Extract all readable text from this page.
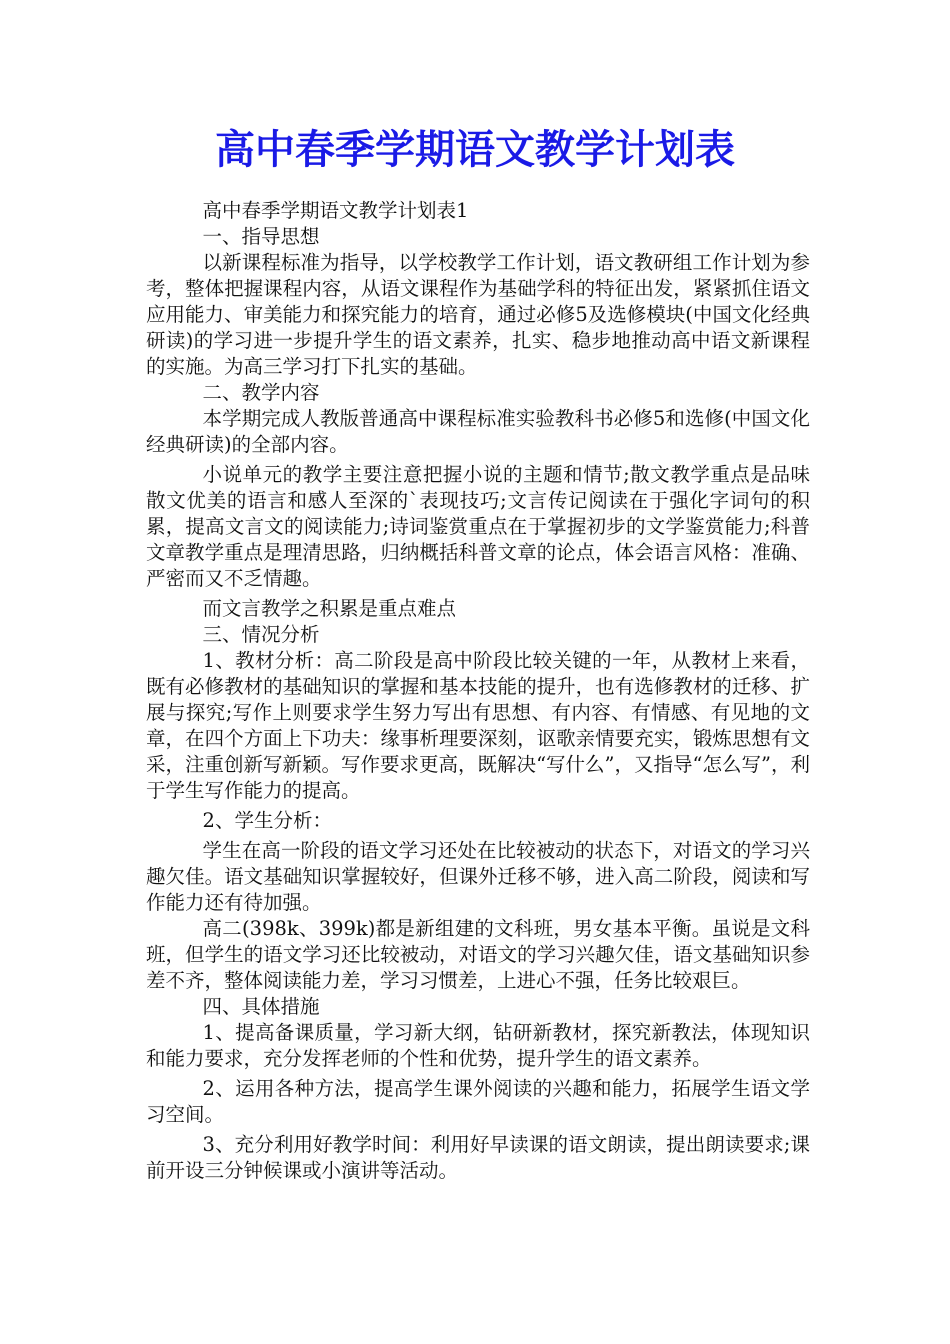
高中春季学期语文教学计划表

高中春季学期语文教学计划表1

一、指导思想

以新课程标准为指导，以学校教学工作计划，语文教研组工作计划为参考，整体把握课程内容，从语文课程作为基础学科的特征出发，紧紧抓住语文应用能力、审美能力和探究能力的培育，通过必修5及选修模块(中国文化经典研读)的学习进一步提升学生的语文素养，扎实、稳步地推动高中语文新课程的实施。为高三学习打下扎实的基础。

二、教学内容

本学期完成人教版普通高中课程标准实验教科书必修5和选修(中国文化经典研读)的全部内容。

小说单元的教学主要注意把握小说的主题和情节;散文教学重点是品味散文优美的语言和感人至深的`表现技巧;文言传记阅读在于强化字词句的积累，提高文言文的阅读能力;诗词鉴赏重点在于掌握初步的文学鉴赏能力;科普文章教学重点是理清思路，归纳概括科普文章的论点，体会语言风格：准确、严密而又不乏情趣。

而文言教学之积累是重点难点

三、情况分析

1、教材分析：高二阶段是高中阶段比较关键的一年，从教材上来看，既有必修教材的基础知识的掌握和基本技能的提升，也有选修教材的迁移、扩展与探究;写作上则要求学生努力写出有思想、有内容、有情感、有见地的文章，在四个方面上下功夫：缘事析理要深刻，讴歌亲情要充实，锻炼思想有文采，注重创新写新颖。写作要求更高，既解决“写什么”，又指导“怎么写”，利于学生写作能力的提高。

2、学生分析：

学生在高一阶段的语文学习还处在比较被动的状态下，对语文的学习兴趣欠佳。语文基础知识掌握较好，但课外迁移不够，进入高二阶段，阅读和写作能力还有待加强。

高二(398k、399k)都是新组建的文科班，男女基本平衡。虽说是文科班，但学生的语文学习还比较被动，对语文的学习兴趣欠佳，语文基础知识参差不齐，整体阅读能力差，学习习惯差，上进心不强，任务比较艰巨。

四、具体措施

1、提高备课质量，学习新大纲，钻研新教材，探究新教法，体现知识和能力要求，充分发挥老师的个性和优势，提升学生的语文素养。

2、运用各种方法，提高学生课外阅读的兴趣和能力，拓展学生语文学习空间。

3、充分利用好教学时间：利用好早读课的语文朗读，提出朗读要求;课前开设三分钟候课或小演讲等活动。
